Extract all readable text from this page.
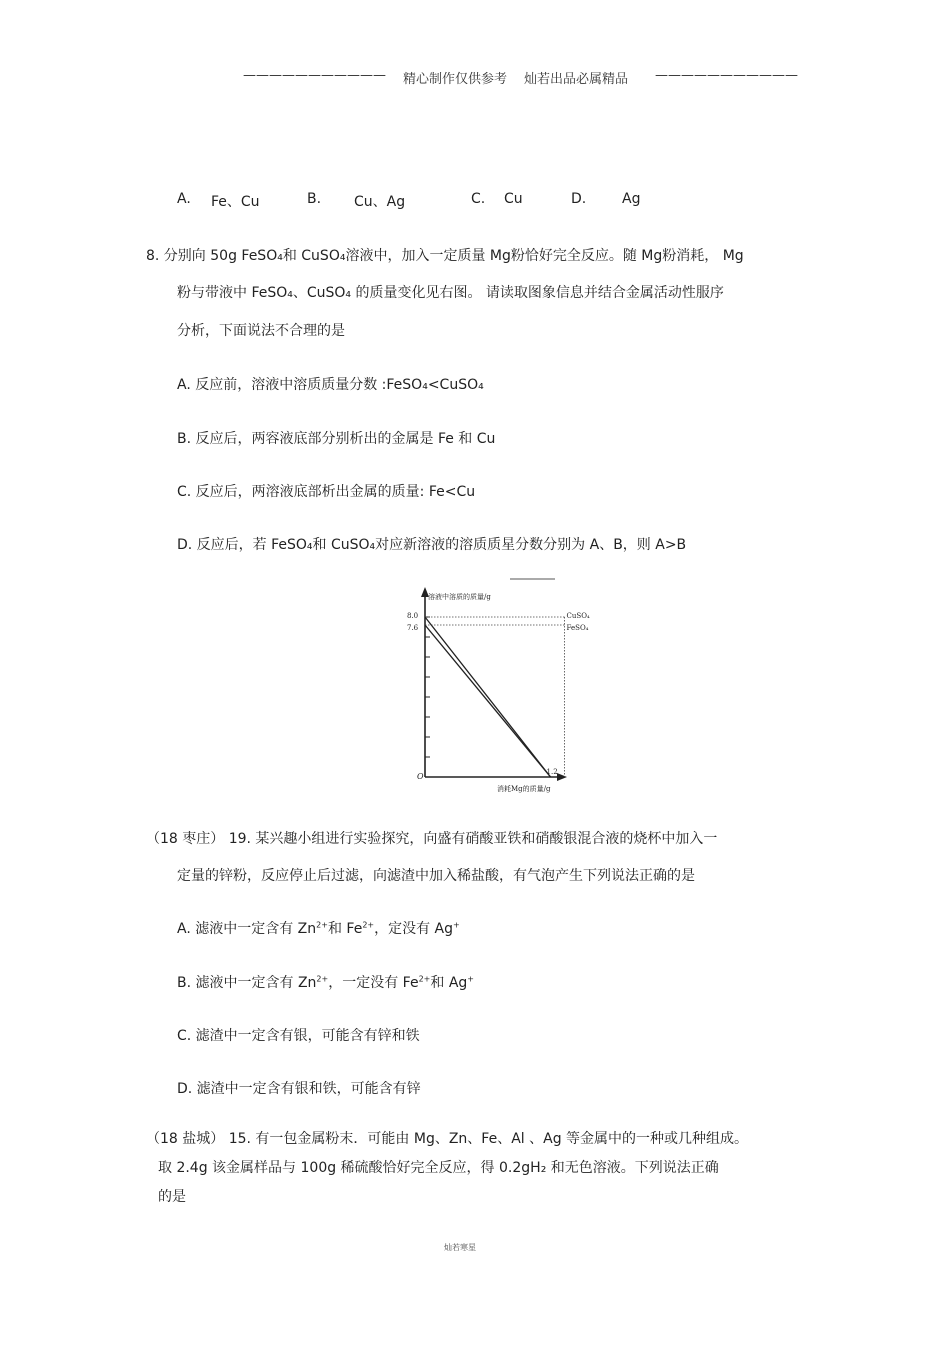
——————————— 精心制作仅供参考 灿若出品必属精品 ———————————
A. Fe、Cu	B. Cu、Ag	C. Cu	D.	Ag
8. 分别向 50g FeSO₄和 CuSO₄溶液中，加入一定质量 Mg粉恰好完全反应。随 Mg粉消耗， Mg
粉与带液中 FeSO₄、CuSO₄ 的质量变化见右图。 请读取图象信息并结合金属活动性服序
分析，下面说法不合理的是
A. 反应前，溶液中溶质质量分数 :FeSO₄<CuSO₄
B. 反应后，两容液底部分别析出的金属是 Fe 和 Cu
C. 反应后，两溶液底部析出金属的质量: Fe<Cu
D. 反应后，若 FeSO₄和 CuSO₄对应新溶液的溶质质星分数分别为 A、B，则 A>B
溶液中溶质的质量/g
消耗Mg的质量/g
O
8.0	CuSO₄
7.6	FeSO₄
1.2
（18 枣庄） 19. 某兴趣小组进行实验探究，向盛有硝酸亚铁和硝酸银混合液的烧杯中加入一
定量的锌粉，反应停止后过滤，向滤渣中加入稀盐酸，有气泡产生下列说法正确的是
A. 滤液中一定含有 $Zn^{2+}$和 $Fe^{2+}$，定没有 Ag+
B. 滤液中一定含有 $Zn^{2+}$，一定没有 $Fe^{2+}$和 Ag+
C. 滤渣中一定含有银，可能含有锌和铁
D. 滤渣中一定含有银和铁，可能含有锌
（18 盐城） 15. 有一包金属粉末．可能由 Mg、Zn、Fe、Al 、Ag 等金属中的一种或几种组成。
取 2.4g 该金属样品与 100g 稀硫酸恰好完全反应，得 0.2gH₂ 和无色溶液。下列说法正确
的是
灿若寒星
